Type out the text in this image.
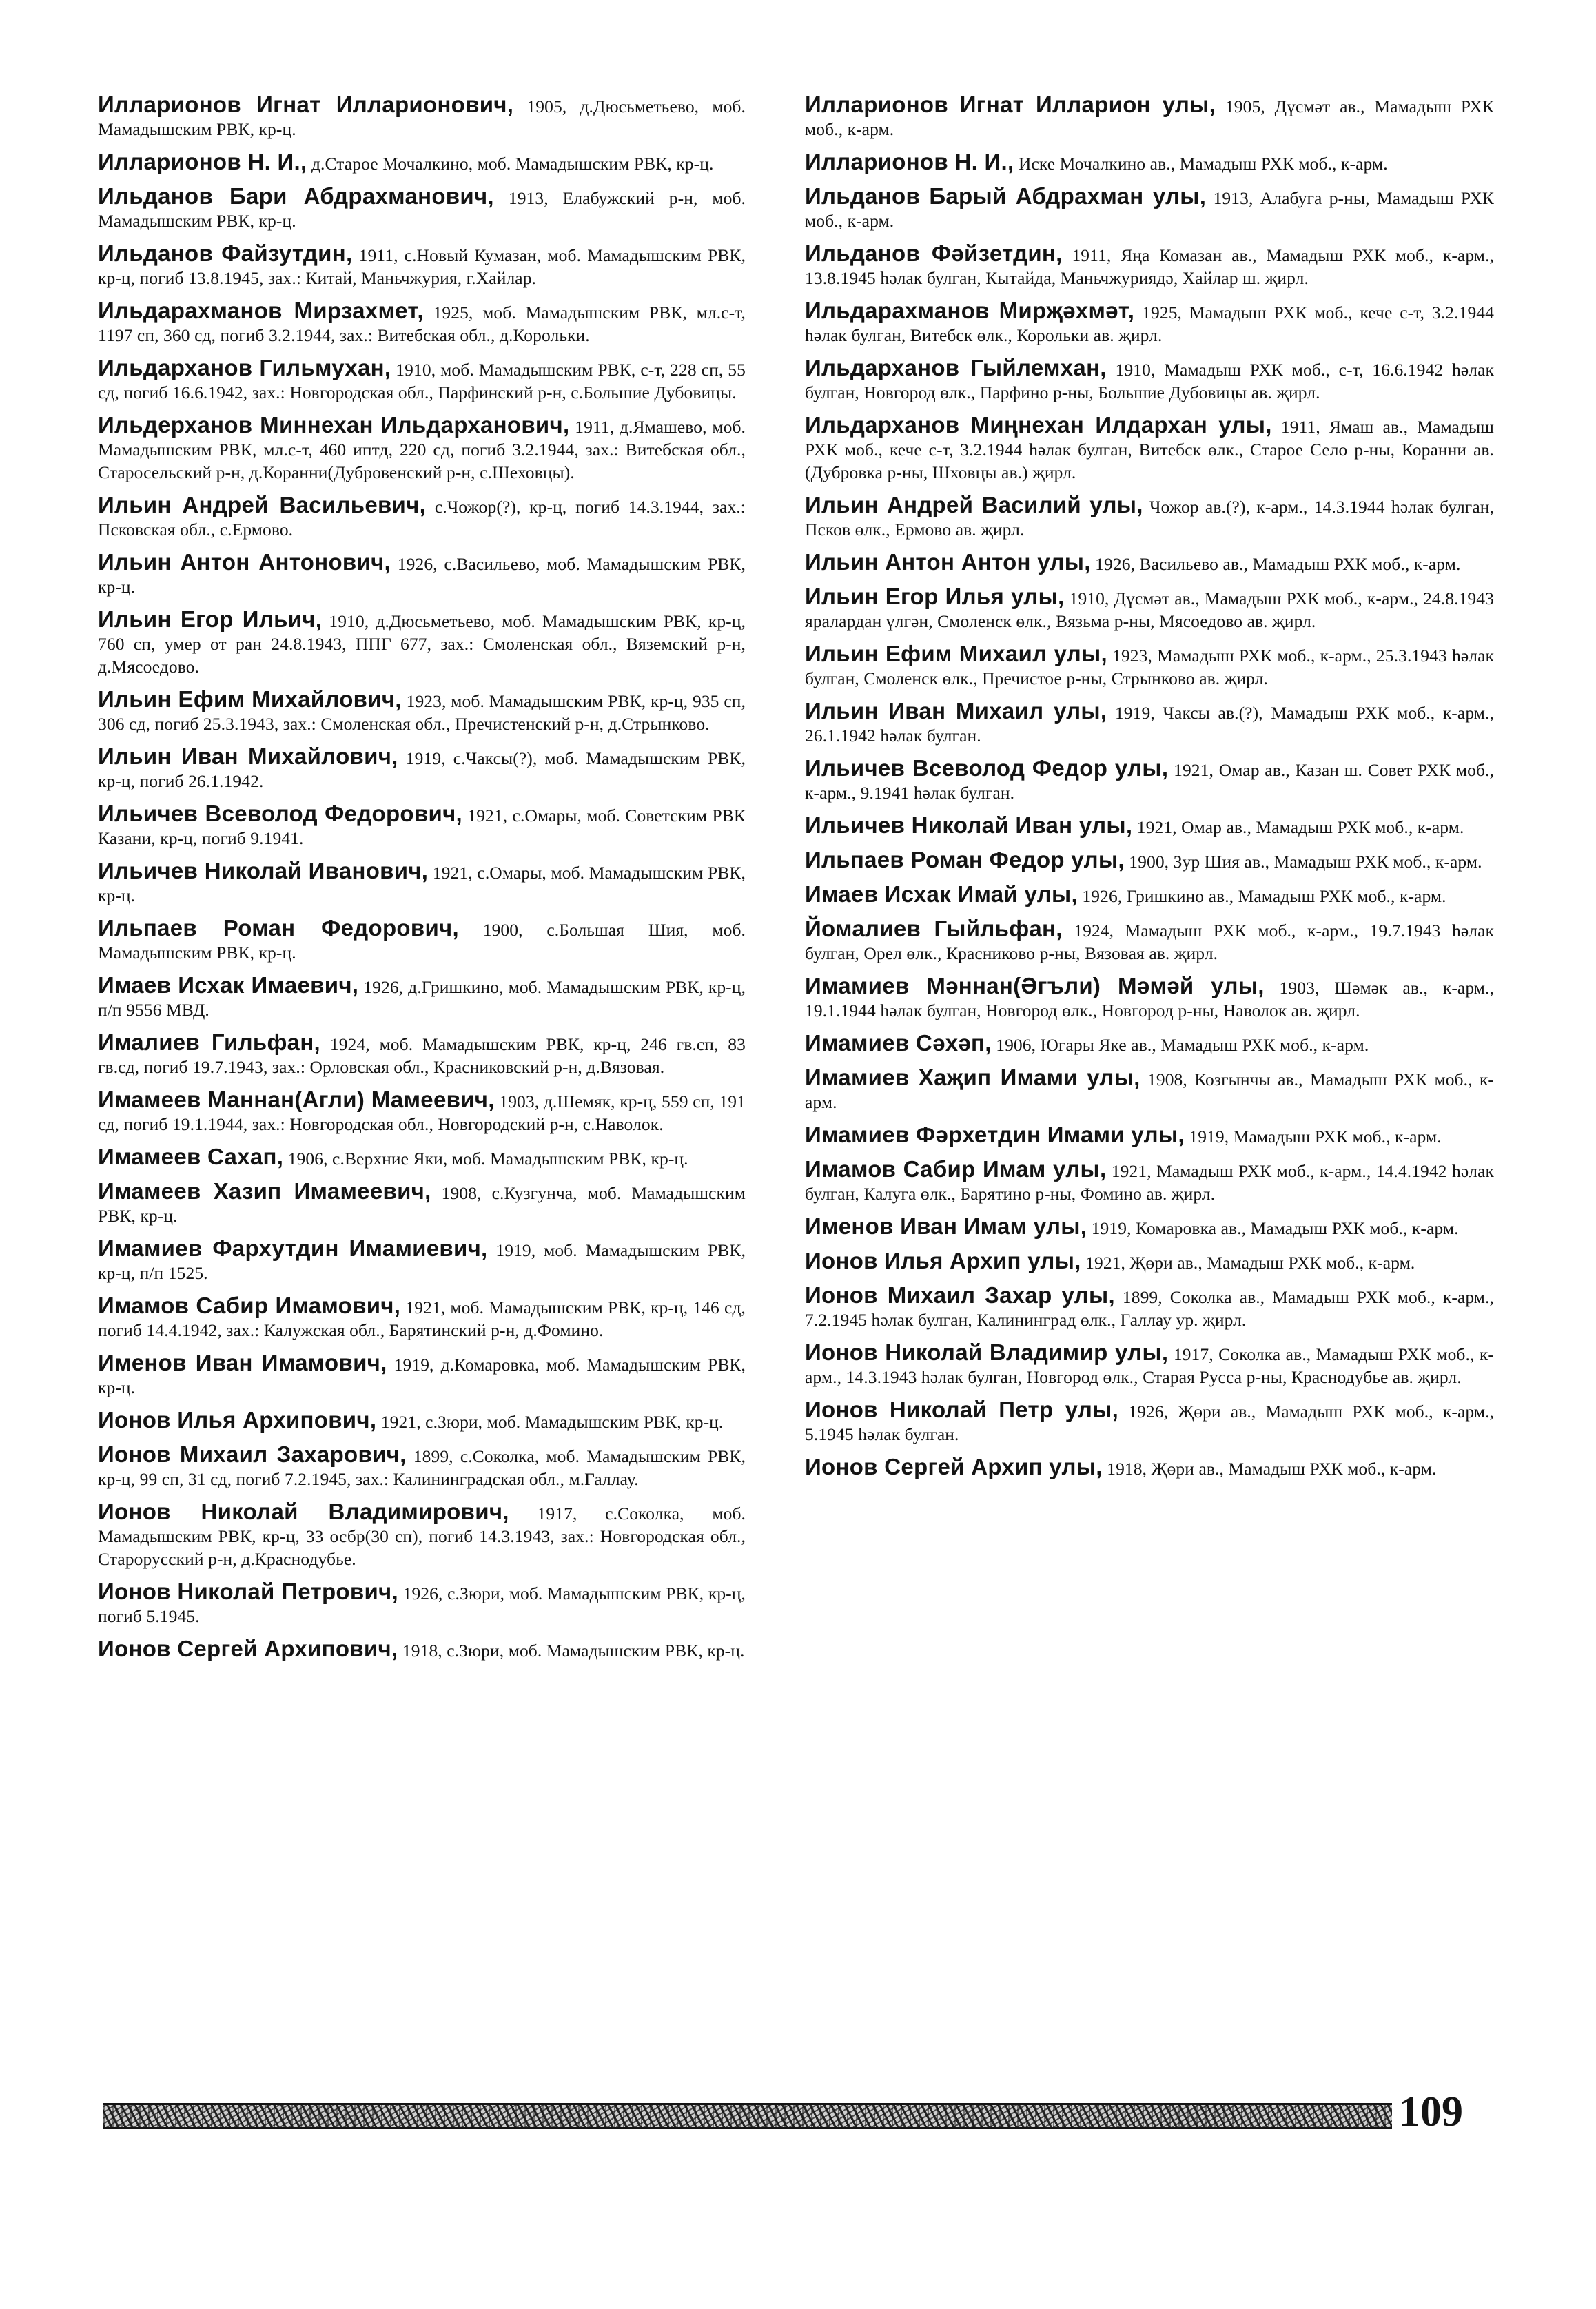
Илларионов Игнат Илларионович, 1905, д.Дюсьметьево, моб. Мамадышским РВК, кр-ц.
Илларионов Н. И., д.Старое Мочалкино, моб. Мамадышским РВК, кр-ц.
Ильданов Бари Абдрахманович, 1913, Елабужский р-н, моб. Мамадышским РВК, кр-ц.
Ильданов Файзутдин, 1911, с.Новый Кумазан, моб. Мамадышским РВК, кр-ц, погиб 13.8.1945, зах.: Китай, Маньчжурия, г.Хайлар.
Ильдарахманов Мирзахмет, 1925, моб. Мамадышским РВК, мл.с-т, 1197 сп, 360 сд, погиб 3.2.1944, зах.: Витебская обл., д.Корольки.
Ильдарханов Гильмухан, 1910, моб. Мамадышским РВК, с-т, 228 сп, 55 сд, погиб 16.6.1942, зах.: Новгородская обл., Парфинский р-н, с.Большие Дубовицы.
Ильдерханов Миннехан Ильдарханович, 1911, д.Ямашево, моб. Мамадышским РВК, мл.с-т, 460 иптд, 220 сд, погиб 3.2.1944, зах.: Витебская обл., Старосельский р-н, д.Коранни(Дубровенский р-н, с.Шеховцы).
Ильин Андрей Васильевич, с.Чожор(?), кр-ц, погиб 14.3.1944, зах.: Псковская обл., с.Ермово.
Ильин Антон Антонович, 1926, с.Васильево, моб. Мамадышским РВК, кр-ц.
Ильин Егор Ильич, 1910, д.Дюсьметьево, моб. Мамадышским РВК, кр-ц, 760 сп, умер от ран 24.8.1943, ППГ 677, зах.: Смоленская обл., Вяземский р-н, д.Мясоедово.
Ильин Ефим Михайлович, 1923, моб. Мамадышским РВК, кр-ц, 935 сп, 306 сд, погиб 25.3.1943, зах.: Смоленская обл., Пречистенский р-н, д.Стрынково.
Ильин Иван Михайлович, 1919, с.Чаксы(?), моб. Мамадышским РВК, кр-ц, погиб 26.1.1942.
Ильичев Всеволод Федорович, 1921, с.Омары, моб. Советским РВК Казани, кр-ц, погиб 9.1941.
Ильичев Николай Иванович, 1921, с.Омары, моб. Мамадышским РВК, кр-ц.
Ильпаев Роман Федорович, 1900, с.Большая Шия, моб. Мамадышским РВК, кр-ц.
Имаев Исхак Имаевич, 1926, д.Гришкино, моб. Мамадышским РВК, кр-ц, п/п 9556 МВД.
Ималиев Гильфан, 1924, моб. Мамадышским РВК, кр-ц, 246 гв.сп, 83 гв.сд, погиб 19.7.1943, зах.: Орловская обл., Красниковский р-н, д.Вязовая.
Имамеев Маннан(Агли) Мамеевич, 1903, д.Шемяк, кр-ц, 559 сп, 191 сд, погиб 19.1.1944, зах.: Новгородская обл., Новгородский р-н, с.Наволок.
Имамеев Сахап, 1906, с.Верхние Яки, моб. Мамадышским РВК, кр-ц.
Имамеев Хазип Имамеевич, 1908, с.Кузгунча, моб. Мамадышским РВК, кр-ц.
Имамиев Фархутдин Имамиевич, 1919, моб. Мамадышским РВК, кр-ц, п/п 1525.
Имамов Сабир Имамович, 1921, моб. Мамадышским РВК, кр-ц, 146 сд, погиб 14.4.1942, зах.: Калужская обл., Барятинский р-н, д.Фомино.
Именов Иван Имамович, 1919, д.Комаровка, моб. Мамадышским РВК, кр-ц.
Ионов Илья Архипович, 1921, с.Зюри, моб. Мамадышским РВК, кр-ц.
Ионов Михаил Захарович, 1899, с.Соколка, моб. Мамадышским РВК, кр-ц, 99 сп, 31 сд, погиб 7.2.1945, зах.: Калининградская обл., м.Галлау.
Ионов Николай Владимирович, 1917, с.Соколка, моб. Мамадышским РВК, кр-ц, 33 осбр(30 сп), погиб 14.3.1943, зах.: Новгородская обл., Старорусский р-н, д.Краснодубье.
Ионов Николай Петрович, 1926, с.Зюри, моб. Мамадышским РВК, кр-ц, погиб 5.1945.
Ионов Сергей Архипович, 1918, с.Зюри, моб. Мамадышским РВК, кр-ц.
Илларионов Игнат Илларион улы, 1905, Дүсмәт ав., Мамадыш РХК моб., к-арм.
Илларионов Н. И., Иске Мочалкино ав., Мамадыш РХК моб., к-арм.
Ильданов Барый Абдрахман улы, 1913, Алабуга р-ны, Мамадыш РХК моб., к-арм.
Ильданов Фәйзетдин, 1911, Яңа Комазан ав., Мамадыш РХК моб., к-арм., 13.8.1945 һәлак булган, Кытайда, Маньчжуриядә, Хайлар ш. җирл.
Ильдарахманов Мирҗәхмәт, 1925, Мамадыш РХК моб., кече с-т, 3.2.1944 һәлак булган, Витебск өлк., Корольки ав. җирл.
Ильдарханов Гыйлемхан, 1910, Мамадыш РХК моб., с-т, 16.6.1942 һәлак булган, Новгород өлк., Парфино р-ны, Большие Дубовицы ав. җирл.
Ильдарханов Миңнехан Илдархан улы, 1911, Ямаш ав., Мамадыш РХК моб., кече с-т, 3.2.1944 һәлак булган, Витебск өлк., Старое Село р-ны, Коранни ав.(Дубровка р-ны, Шховцы ав.) җирл.
Ильин Андрей Василий улы, Чожор ав.(?), к-арм., 14.3.1944 һәлак булган, Псков өлк., Ермово ав. җирл.
Ильин Антон Антон улы, 1926, Васильево ав., Мамадыш РХК моб., к-арм.
Ильин Егор Илья улы, 1910, Дүсмәт ав., Мамадыш РХК моб., к-арм., 24.8.1943 яралардан үлгән, Смоленск өлк., Вязьма р-ны, Мясоедово ав. җирл.
Ильин Ефим Михаил улы, 1923, Мамадыш РХК моб., к-арм., 25.3.1943 һәлак булган, Смоленск өлк., Пречистое р-ны, Стрынково ав. җирл.
Ильин Иван Михаил улы, 1919, Чаксы ав.(?), Мамадыш РХК моб., к-арм., 26.1.1942 һәлак булган.
Ильичев Всеволод Федор улы, 1921, Омар ав., Казан ш. Совет РХК моб., к-арм., 9.1941 һәлак булган.
Ильичев Николай Иван улы, 1921, Омар ав., Мамадыш РХК моб., к-арм.
Ильпаев Роман Федор улы, 1900, Зур Шия ав., Мамадыш РХК моб., к-арм.
Имаев Исхак Имай улы, 1926, Гришкино ав., Мамадыш РХК моб., к-арм.
Йомалиев Гыйльфан, 1924, Мамадыш РХК моб., к-арм., 19.7.1943 һәлак булган, Орел өлк., Красниково р-ны, Вязовая ав. җирл.
Имамиев Мәннан(Әгъли) Мәмәй улы, 1903, Шәмәк ав., к-арм., 19.1.1944 һәлак булган, Новгород өлк., Новгород р-ны, Наволок ав. җирл.
Имамиев Сәхәп, 1906, Югары Яке ав., Мамадыш РХК моб., к-арм.
Имамиев Хаҗип Имами улы, 1908, Козгынчы ав., Мамадыш РХК моб., к-арм.
Имамиев Фәрхетдин Имами улы, 1919, Мамадыш РХК моб., к-арм.
Имамов Сабир Имам улы, 1921, Мамадыш РХК моб., к-арм., 14.4.1942 һәлак булган, Калуга өлк., Барятино р-ны, Фомино ав. җирл.
Именов Иван Имам улы, 1919, Комаровка ав., Мамадыш РХК моб., к-арм.
Ионов Илья Архип улы, 1921, Җөри ав., Мамадыш РХК моб., к-арм.
Ионов Михаил Захар улы, 1899, Соколка ав., Мамадыш РХК моб., к-арм., 7.2.1945 һәлак булган, Калининград өлк., Галлау ур. җирл.
Ионов Николай Владимир улы, 1917, Соколка ав., Мамадыш РХК моб., к-арм., 14.3.1943 һәлак булган, Новгород өлк., Старая Русса р-ны, Краснодубье ав. җирл.
Ионов Николай Петр улы, 1926, Җөри ав., Мамадыш РХК моб., к-арм., 5.1945 һәлак булган.
Ионов Сергей Архип улы, 1918, Җөри ав., Мамадыш РХК моб., к-арм.
109
